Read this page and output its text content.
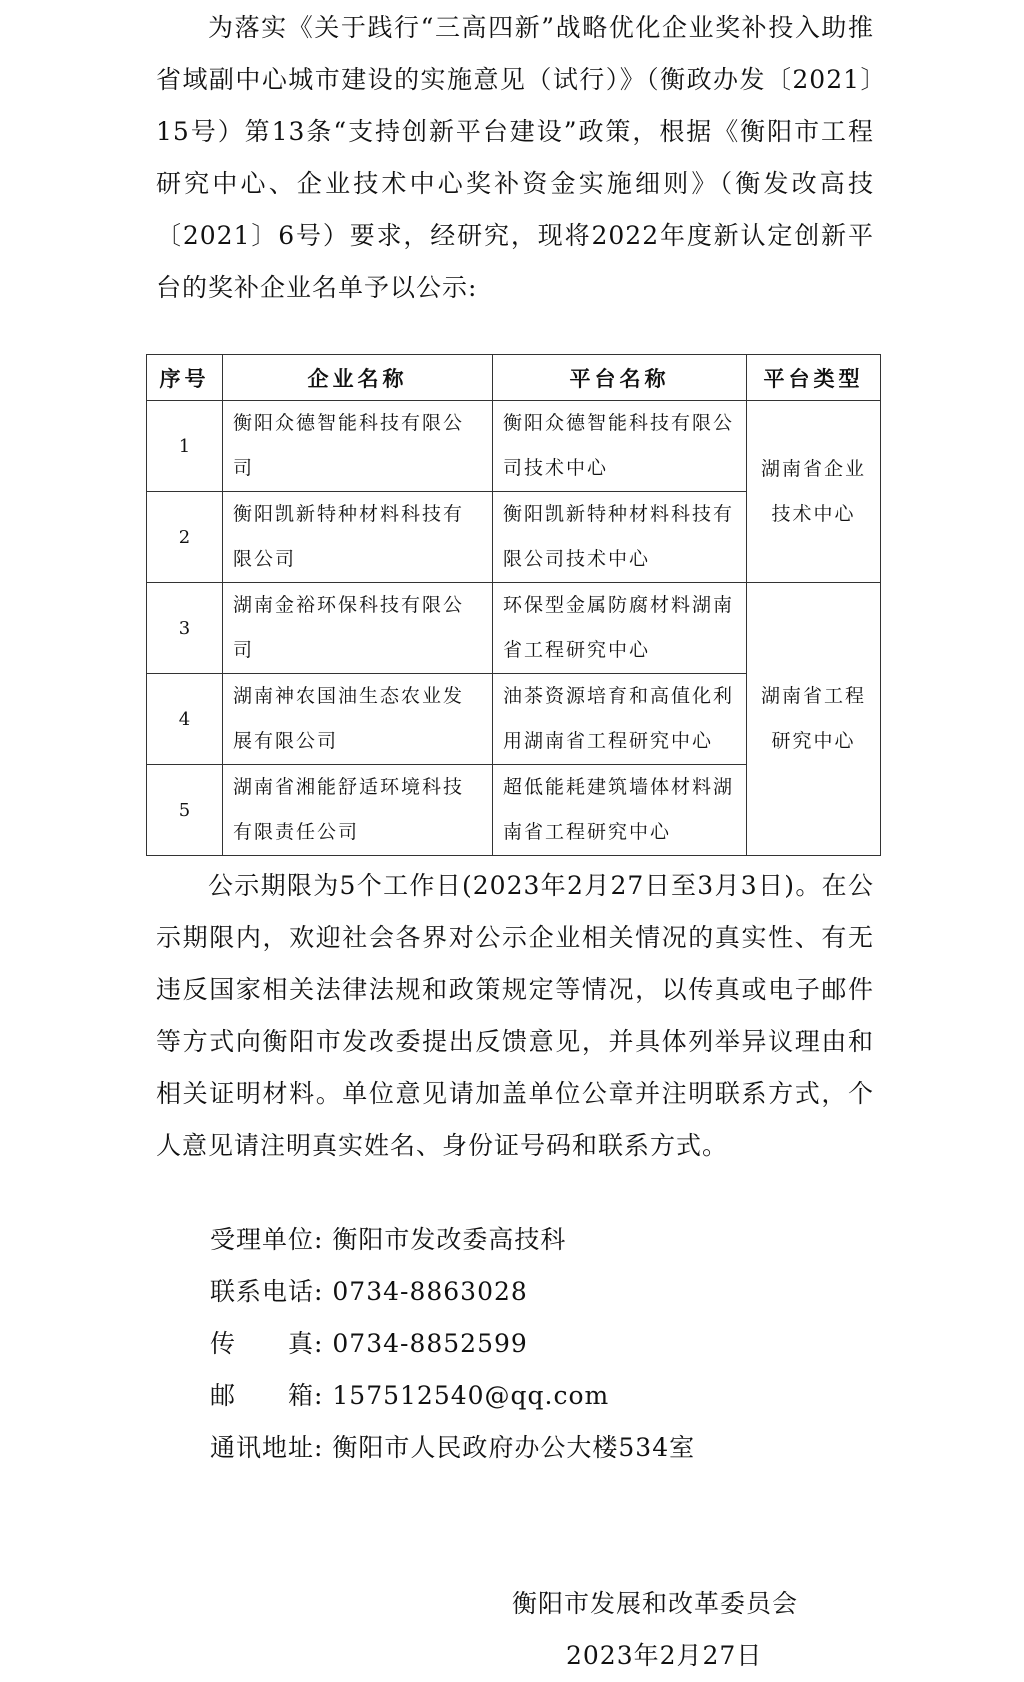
为落实《关于践行“三高四新”战略优化企业奖补投入助推省域副中心城市建设的实施意见（试行）》（衡政办发〔2021〕15号）第13条“支持创新平台建设”政策，根据《衡阳市工程研究中心、企业技术中心奖补资金实施细则》（衡发改高技〔2021〕6号）要求，经研究，现将2022年度新认定创新平台的奖补企业名单予以公示:

序号	企业名称	平台名称	平台类型
1	衡阳众德智能科技有限公司	衡阳众德智能科技有限公司技术中心	湖南省企业技术中心
2	衡阳凯新特种材料科技有限公司	衡阳凯新特种材料科技有限公司技术中心	
3	湖南金裕环保科技有限公司	环保型金属防腐材料湖南省工程研究中心	湖南省工程研究中心
4	湖南神农国油生态农业发展有限公司	油茶资源培育和高值化利用湖南省工程研究中心	
5	湖南省湘能舒适环境科技有限责任公司	超低能耗建筑墙体材料湖南省工程研究中心	

公示期限为5个工作日(2023年2月27日至3月3日)。在公示期限内，欢迎社会各界对公示企业相关情况的真实性、有无违反国家相关法律法规和政策规定等情况，以传真或电子邮件等方式向衡阳市发改委提出反馈意见，并具体列举异议理由和相关证明材料。单位意见请加盖单位公章并注明联系方式，个人意见请注明真实姓名、身份证号码和联系方式。

受理单位: 衡阳市发改委高技科

联系电话: 0734-8863028

传　　真: 0734-8852599

邮　　箱: 157512540@qq.com

通讯地址: 衡阳市人民政府办公大楼534室

衡阳市发展和改革委员会

2023年2月27日
